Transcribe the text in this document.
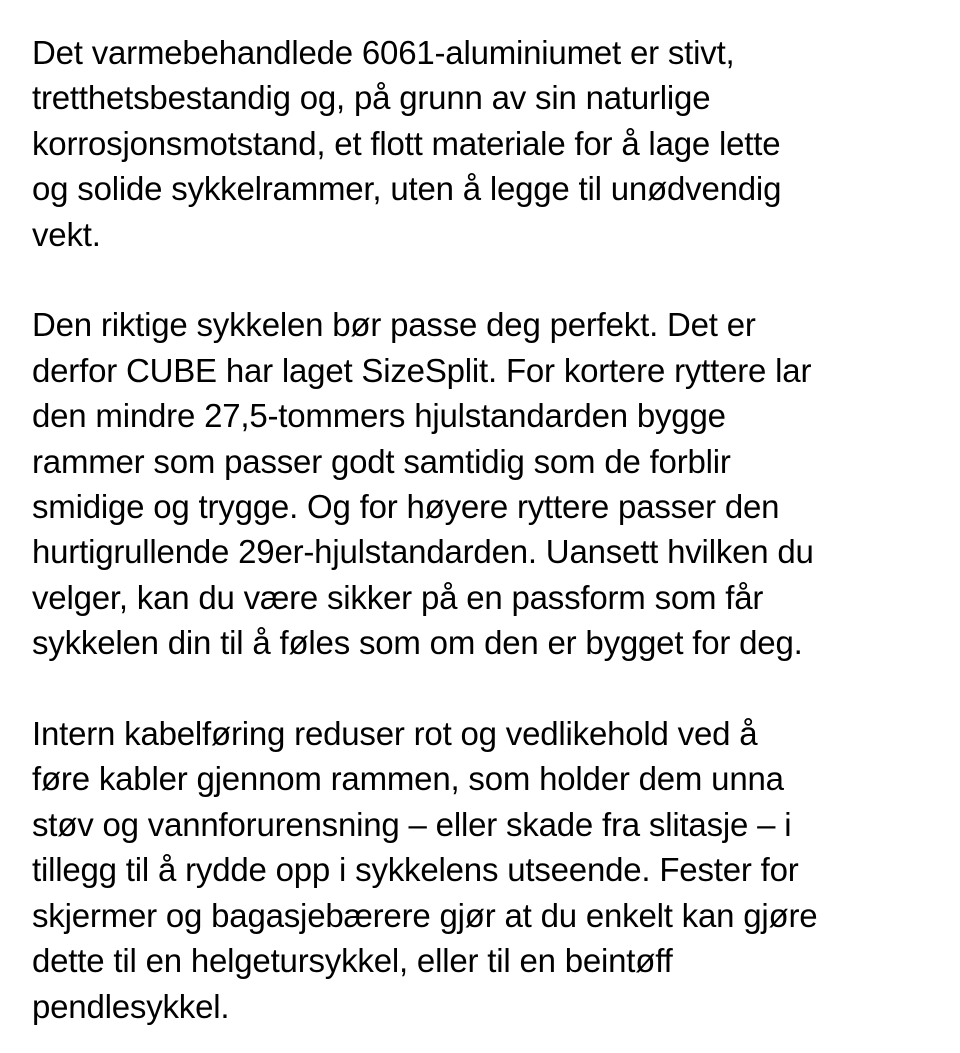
Det varmebehandlede 6061-aluminiumet er stivt,
tretthetsbestandig og, på grunn av sin naturlige
korrosjonsmotstand, et flott materiale for å lage lette
og solide sykkelrammer, uten å legge til unødvendig
vekt.

Den riktige sykkelen bør passe deg perfekt. Det er
derfor CUBE har laget SizeSplit. For kortere ryttere lar
den mindre 27,5-tommers hjulstandarden bygge
rammer som passer godt samtidig som de forblir
smidige og trygge. Og for høyere ryttere passer den
hurtigrullende 29er-hjulstandarden. Uansett hvilken du
velger, kan du være sikker på en passform som får
sykkelen din til å føles som om den er bygget for deg.

Intern kabelføring reduser rot og vedlikehold ved å
føre kabler gjennom rammen, som holder dem unna
støv og vannforurensning – eller skade fra slitasje – i
tillegg til å rydde opp i sykkelens utseende. Fester for
skjermer og bagasjebærere gjør at du enkelt kan gjøre
dette til en helgetursykkel, eller til en beintøff
pendlesykkel.
